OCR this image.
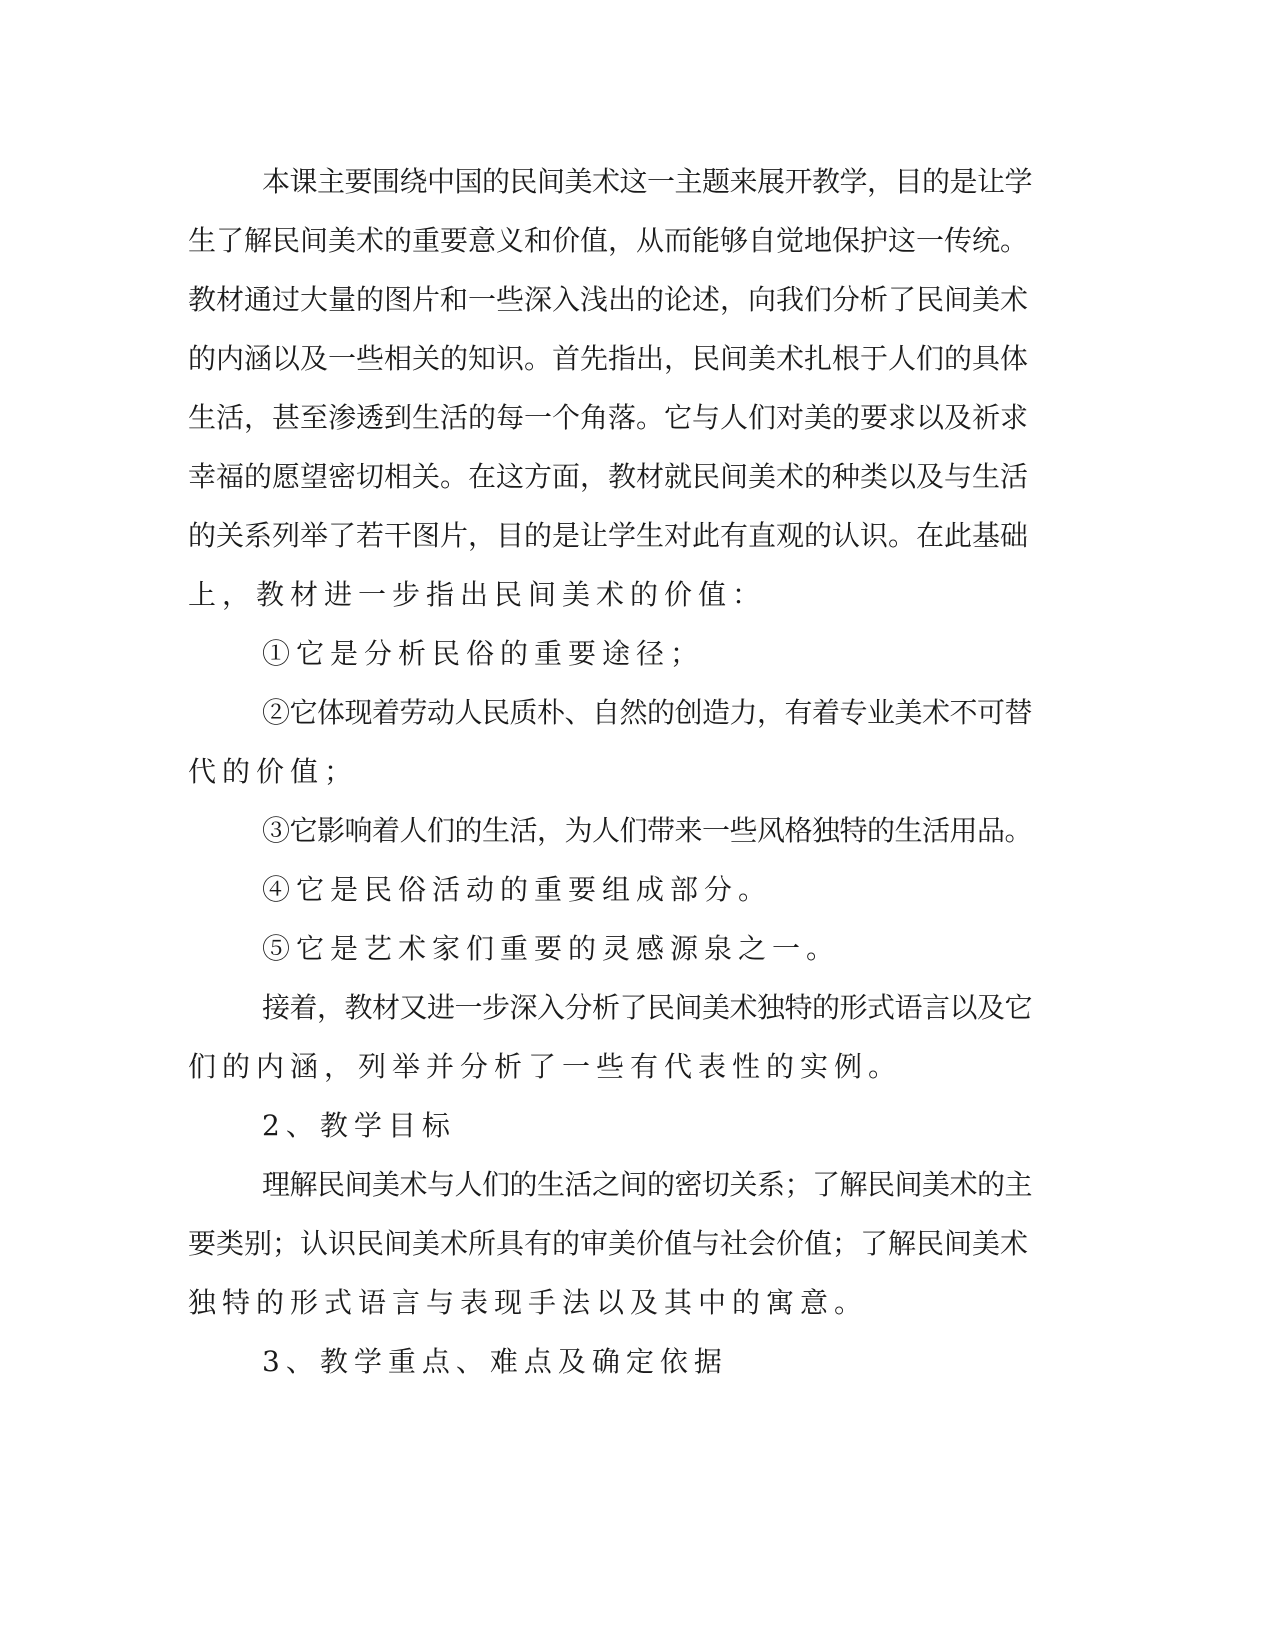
本课主要围绕中国的民间美术这一主题来展开教学，目的是让学
生了解民间美术的重要意义和价值，从而能够自觉地保护这一传统。
教材通过大量的图片和一些深入浅出的论述，向我们分析了民间美术
的内涵以及一些相关的知识。首先指出，民间美术扎根于人们的具体
生活，甚至渗透到生活的每一个角落。它与人们对美的要求以及祈求
幸福的愿望密切相关。在这方面，教材就民间美术的种类以及与生活
的关系列举了若干图片，目的是让学生对此有直观的认识。在此基础
上，教材进一步指出民间美术的价值：
①它是分析民俗的重要途径；
②它体现着劳动人民质朴、自然的创造力，有着专业美术不可替
代的价值；
③它影响着人们的生活，为人们带来一些风格独特的生活用品。
④它是民俗活动的重要组成部分。
⑤它是艺术家们重要的灵感源泉之一。
接着，教材又进一步深入分析了民间美术独特的形式语言以及它
们的内涵，列举并分析了一些有代表性的实例。
2、教学目标
理解民间美术与人们的生活之间的密切关系；了解民间美术的主
要类别；认识民间美术所具有的审美价值与社会价值；了解民间美术
独特的形式语言与表现手法以及其中的寓意。
3、教学重点、难点及确定依据
